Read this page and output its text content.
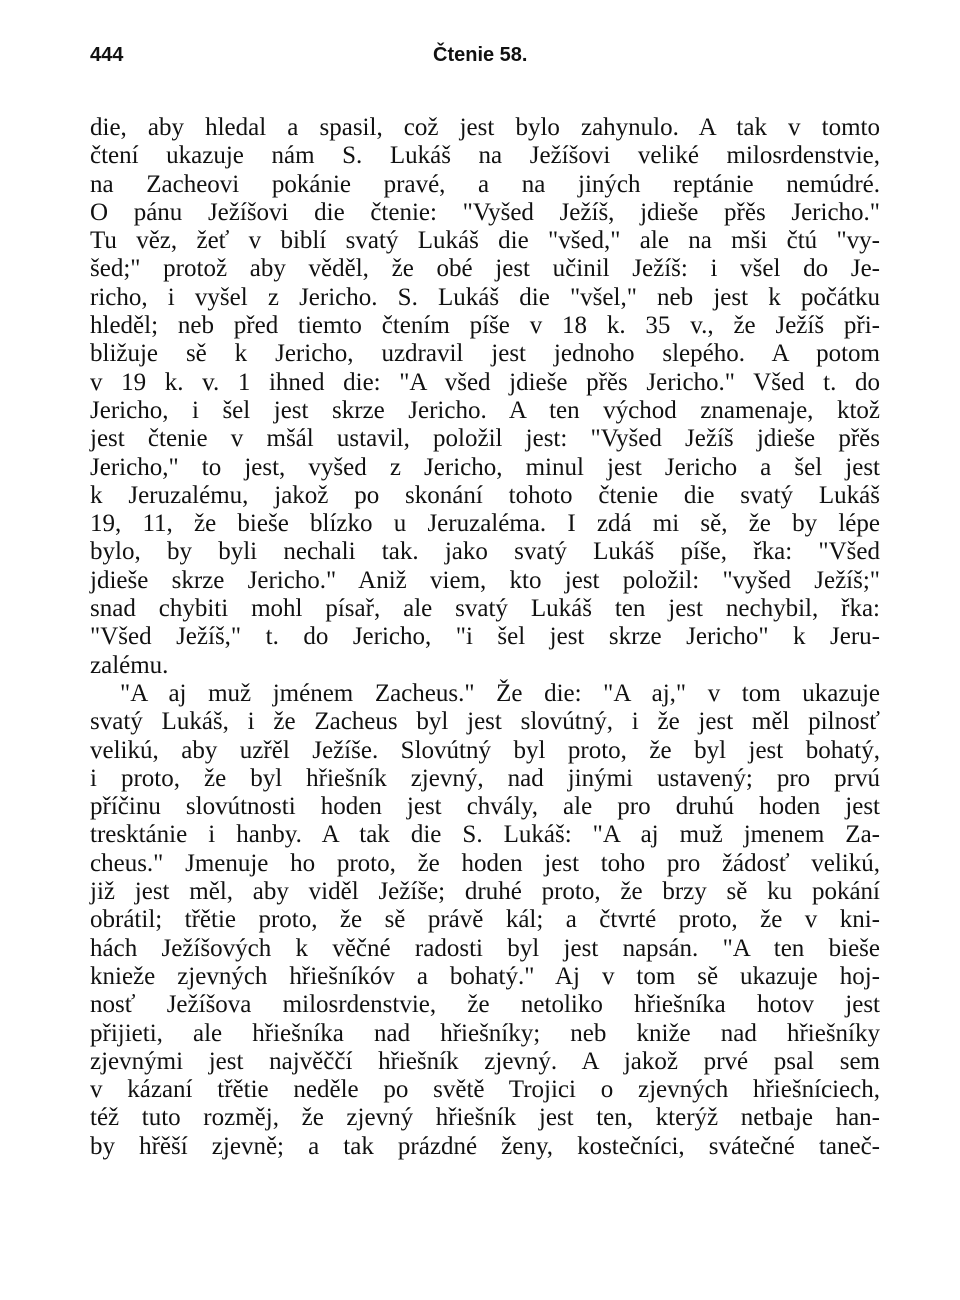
444	Čtenie 58.
die, aby hledal a spasil, což jest bylo zahynulo. A tak v tomto
čtení ukazuje nám S. Lukáš na Ježíšovi veliké milosrdenstvie,
na Zacheovi pokánie pravé, a na jiných reptánie nemúdré.
O pánu Ježíšovi die čtenie: "Vyšed Ježíš, jdieše přěs Jericho."
Tu věz, žeť v biblí svatý Lukáš die "všed," ale na mši čtú "vy-
šed;" protož aby věděl, že obé jest učinil Ježíš: i všel do Je-
richo, i vyšel z Jericho. S. Lukáš die "všel," neb jest k počátku
hleděl; neb před tiemto čtením píše v 18 k. 35 v., že Ježíš při-
bližuje sě k Jericho, uzdravil jest jednoho slepého. A potom
v 19 k. v. 1 ihned die: "A všed jdieše přěs Jericho." Všed t. do
Jericho, i šel jest skrze Jericho. A ten východ znamenaje, ktož
jest čtenie v mšál ustavil, položil jest: "Vyšed Ježíš jdieše přěs
Jericho," to jest, vyšed z Jericho, minul jest Jericho a šel jest
k Jeruzalému, jakož po skonání tohoto čtenie die svatý Lukáš
19, 11, že bieše blízko u Jeruzaléma. I zdá mi sě, že by lépe
bylo, by byli nechali tak. jako svatý Lukáš píše, řka: "Všed
jdieše skrze Jericho." Aniž viem, kto jest položil: "vyšed Ježíš;"
snad chybiti mohl písař, ale svatý Lukáš ten jest nechybil, řka:
"Všed Ježíš," t. do Jericho, "i šel jest skrze Jericho" k Jeru-
zalému.
"A aj muž jménem Zacheus." Že die: "A aj," v tom ukazuje
svatý Lukáš, i že Zacheus byl jest slovútný, i že jest měl pilnosť
velikú, aby uzřěl Ježíše. Slovútný byl proto, že byl jest bohatý,
i proto, že byl hřiešník zjevný, nad jinými ustavený; pro prvú
příčinu slovútnosti hoden jest chvály, ale pro druhú hoden jest
tresktánie i hanby. A tak die S. Lukáš: "A aj muž jmenem Za-
cheus." Jmenuje ho proto, že hoden jest toho pro žádosť velikú,
již jest měl, aby viděl Ježíše; druhé proto, že brzy sě ku pokání
obrátil; třětie proto, že sě právě kál; a čtvrté proto, že v kni-
hách Ježíšových k věčné radosti byl jest napsán. "A ten bieše
knieže zjevných hřiešníkóv a bohatý." Aj v tom sě ukazuje hoj-
nosť Ježíšova milosrdenstvie, že netoliko hřiešníka hotov jest
přijieti, ale hřiešníka nad hřiešníky; neb kniže nad hřiešníky
zjevnými jest najvěččí hřiešník zjevný. A jakož prvé psal sem
v kázaní třětie neděle po světě Trojici o zjevných hřiešníciech,
též tuto rozměj, že zjevný hřiešník jest ten, kterýž netbaje han-
by hřěší zjevně; a tak prázdné ženy, kostečníci, svátečné taneč-
